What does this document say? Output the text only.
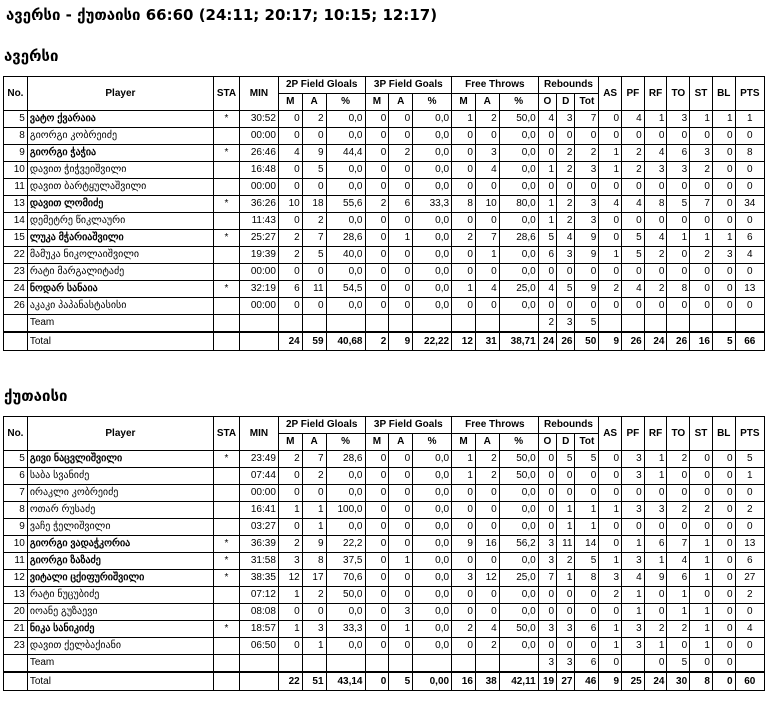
ავერსი - ქუთაისი 66:60 (24:11; 20:17; 10:15; 12:17)
ავერსი
No.	Player	STA	MIN	2P Field Gloals			3P Field Goals			Free Throws			Rebounds			AS	PF	RF	TO	ST	BL	PTS
				M	A	%	M	A	%	M	A	%	O	D	Tot							
5	ვატო ქვარაია	*	30:52	0	2	0,0	0	0	0,0	1	2	50,0	4	3	7	0	4	1	3	1	1	1
8	გიორგი კობრეიძე		00:00	0	0	0,0	0	0	0,0	0	0	0,0	0	0	0	0	0	0	0	0	0	0
9	გიორგი ჭაჭია	*	26:46	4	9	44,4	0	2	0,0	0	3	0,0	0	2	2	1	2	4	6	3	0	8
10	დავით ჭიჭვეიშვილი		16:48	0	5	0,0	0	0	0,0	0	4	0,0	1	2	3	1	2	3	3	2	0	0
11	დავით ბარტყულაშვილი		00:00	0	0	0,0	0	0	0,0	0	0	0,0	0	0	0	0	0	0	0	0	0	0
13	დავით ლომიძე	*	36:26	10	18	55,6	2	6	33,3	8	10	80,0	1	2	3	4	4	8	5	7	0	34
14	დემეტრე წიკლაური		11:43	0	2	0,0	0	0	0,0	0	0	0,0	1	2	3	0	0	0	0	0	0	0
15	ლუკა მჭარიაშვილი	*	25:27	2	7	28,6	0	1	0,0	2	7	28,6	5	4	9	0	5	4	1	1	1	6
22	მამუკა ნიკოლაიშვილი		19:39	2	5	40,0	0	0	0,0	0	1	0,0	6	3	9	1	5	2	0	2	3	4
23	რატი მარგალიტაძე		00:00	0	0	0,0	0	0	0,0	0	0	0,0	0	0	0	0	0	0	0	0	0	0
24	ნოდარ სანაია	*	32:19	6	11	54,5	0	0	0,0	1	4	25,0	4	5	9	2	4	2	8	0	0	13
26	აკაკი პაპანასტასისი		00:00	0	0	0,0	0	0	0,0	0	0	0,0	0	0	0	0	0	0	0	0	0	0
	Team												2	3	5							
	Total			24	59	40,68	2	9	22,22	12	31	38,71	24	26	50	9	26	24	26	16	5	66
ქუთაისი
No.	Player	STA	MIN	2P Field Gloals			3P Field Goals			Free Throws			Rebounds			AS	PF	RF	TO	ST	BL	PTS
				M	A	%	M	A	%	M	A	%	O	D	Tot							
5	გივი ნაცვლიშვილი	*	23:49	2	7	28,6	0	0	0,0	1	2	50,0	0	5	5	0	3	1	2	0	0	5
6	საბა სვანიძე		07:44	0	2	0,0	0	0	0,0	1	2	50,0	0	0	0	0	3	1	0	0	0	1
7	ირაკლი კობრეიძე		00:00	0	0	0,0	0	0	0,0	0	0	0,0	0	0	0	0	0	0	0	0	0	0
8	ოთარ რუსაძე		16:41	1	1	100,0	0	0	0,0	0	0	0,0	0	1	1	1	3	3	2	2	0	2
9	ვაჩე ჭელიშვილი		03:27	0	1	0,0	0	0	0,0	0	0	0,0	0	1	1	0	0	0	0	0	0	0
10	გიორგი ვადაჭკორია	*	36:39	2	9	22,2	0	0	0,0	9	16	56,2	3	11	14	0	1	6	7	1	0	13
11	გიორგი ზაზაძე	*	31:58	3	8	37,5	0	1	0,0	0	0	0,0	3	2	5	1	3	1	4	1	0	6
12	ვიტალი ცქიფურიშვილი	*	38:35	12	17	70,6	0	0	0,0	3	12	25,0	7	1	8	3	4	9	6	1	0	27
13	რატი ნუცუბიძე		07:12	1	2	50,0	0	0	0,0	0	0	0,0	0	0	0	2	1	0	1	0	0	2
20	იოანე გუზაევი		08:08	0	0	0,0	0	3	0,0	0	0	0,0	0	0	0	0	1	0	1	1	0	0
21	ნიკა სანიკიძე	*	18:57	1	3	33,3	0	1	0,0	2	4	50,0	3	3	6	1	3	2	2	1	0	4
23	დავით ქელბაქიანი		06:50	0	1	0,0	0	0	0,0	0	2	0,0	0	0	0	1	3	1	0	1	0	0
	Team												3	3	6	0		0	5	0	0	
	Total			22	51	43,14	0	5	0,00	16	38	42,11	19	27	46	9	25	24	30	8	0	60
